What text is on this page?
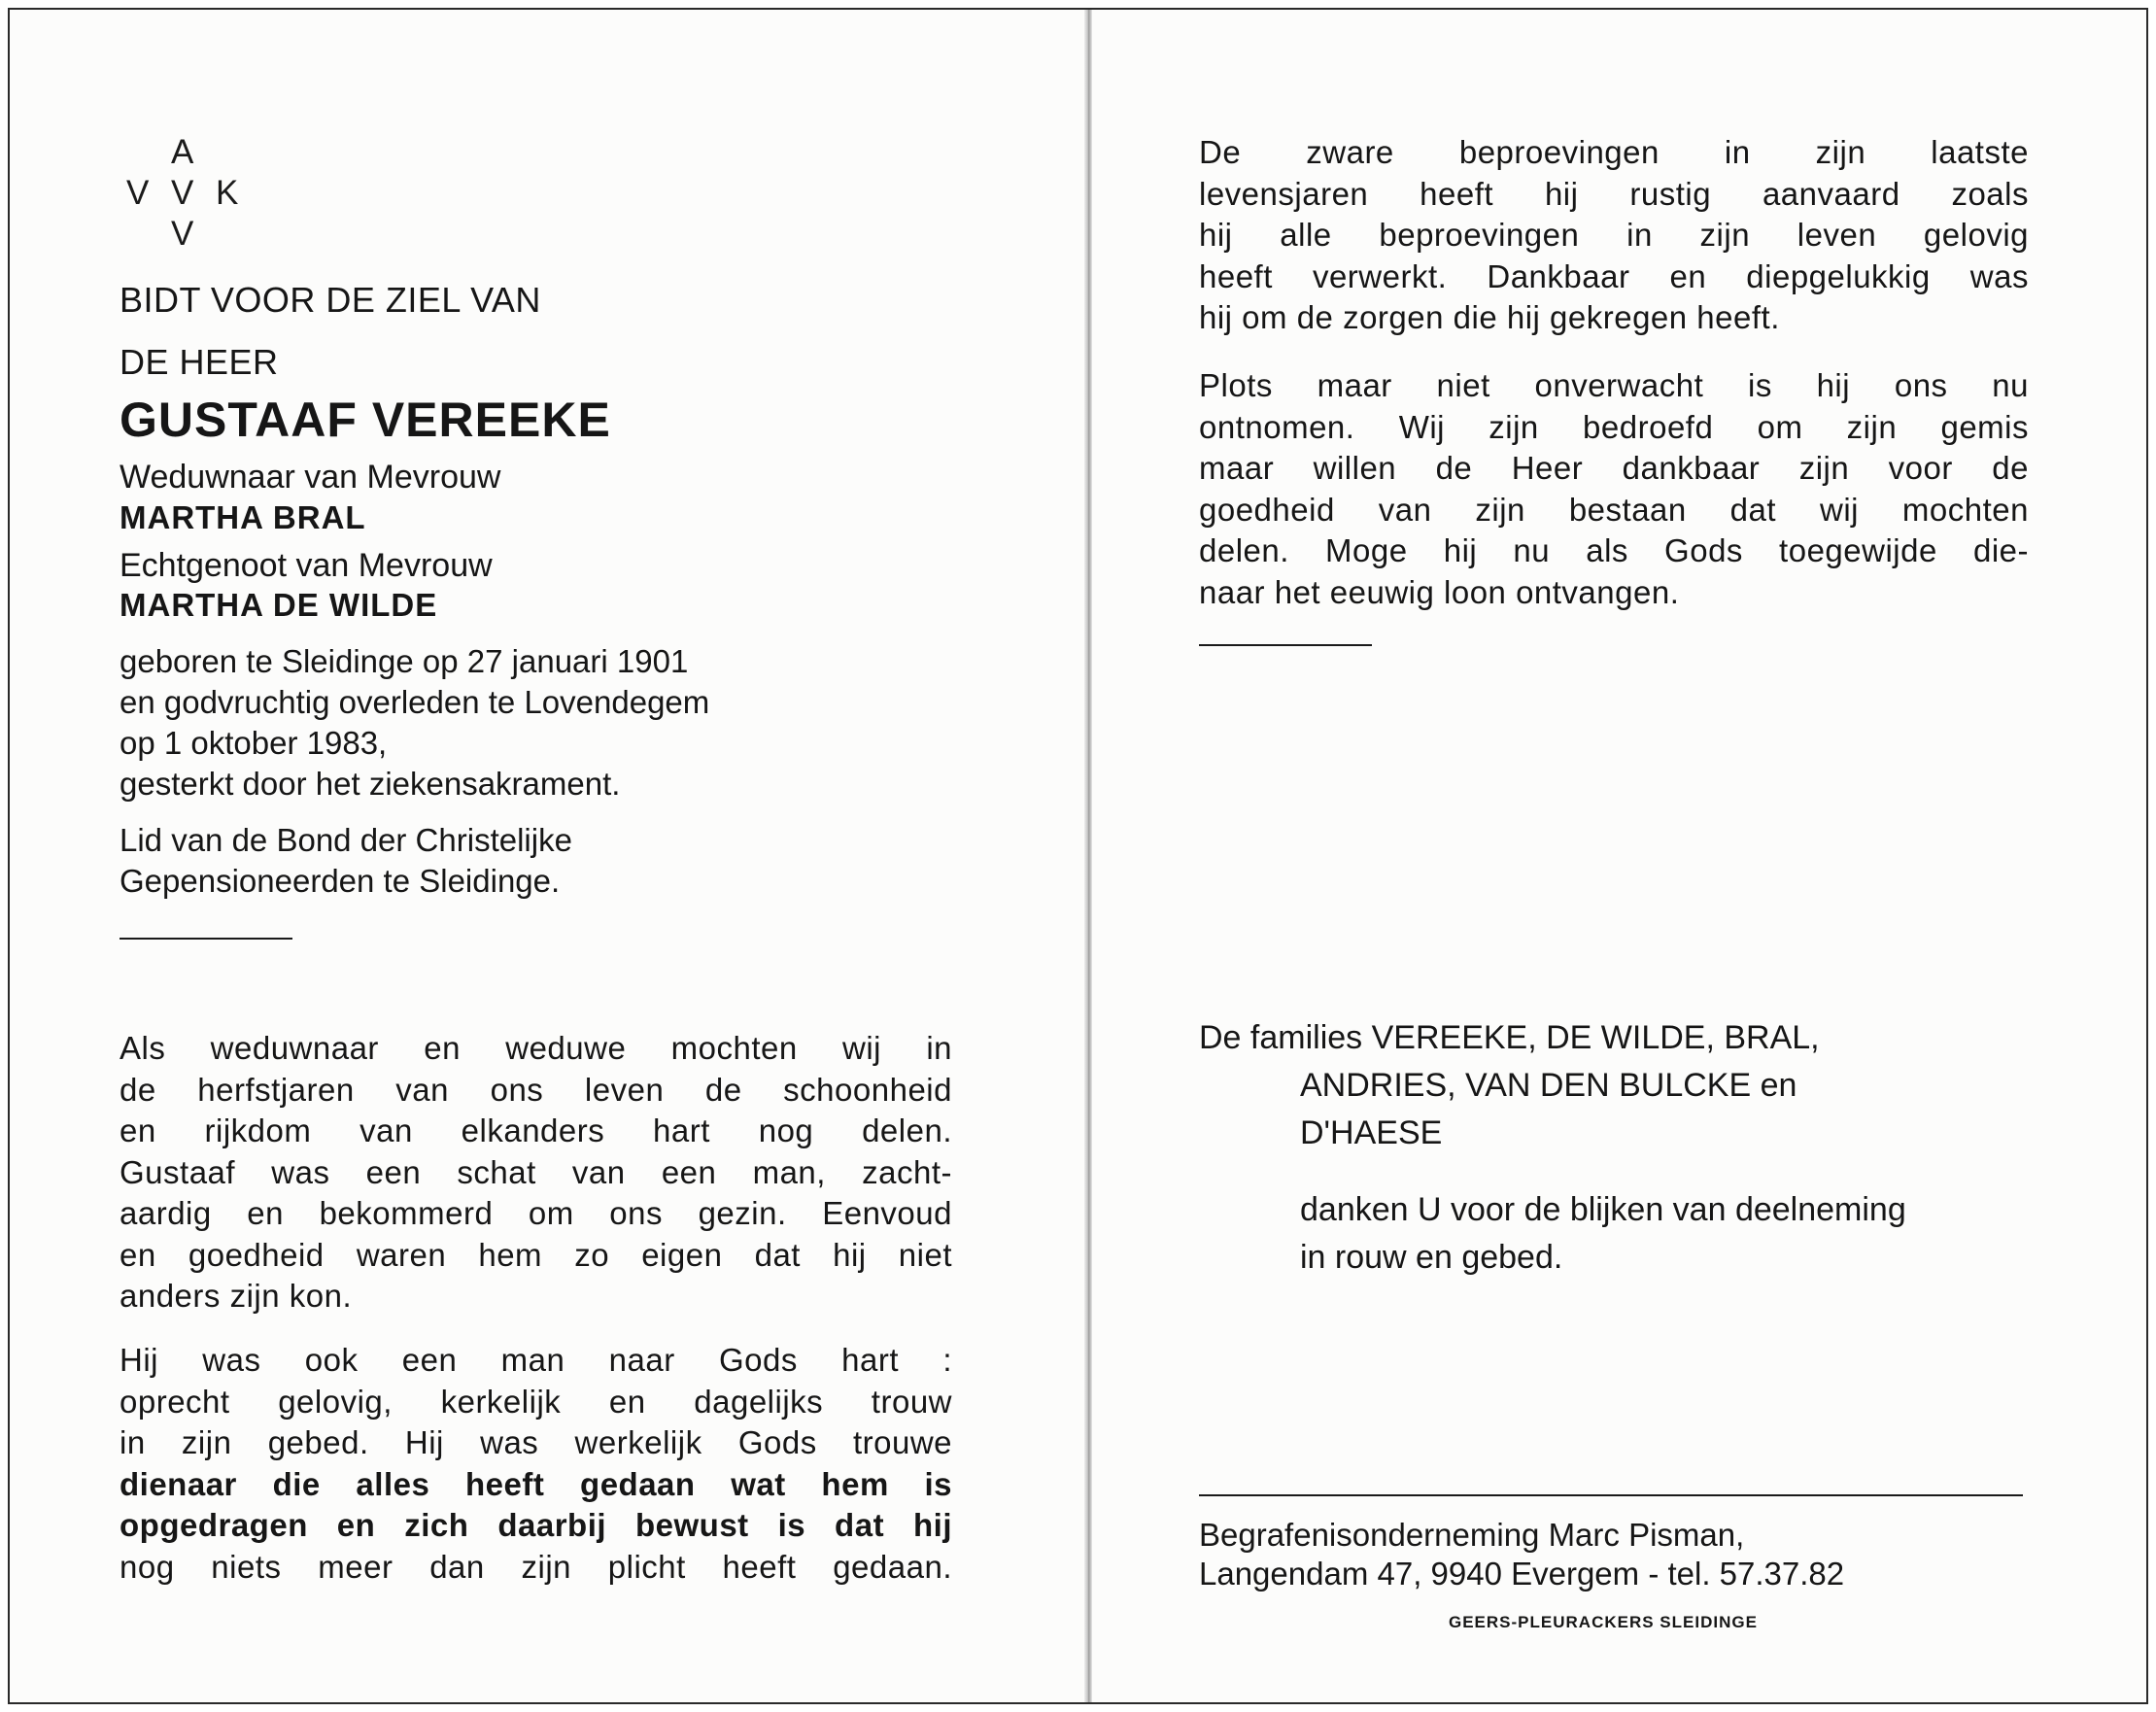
A
V V K
V
BIDT VOOR DE ZIEL VAN
DE HEER
GUSTAAF VEREEKE
Weduwnaar van Mevrouw
MARTHA BRAL
Echtgenoot van Mevrouw
MARTHA DE WILDE
geboren te Sleidinge op 27 januari 1901
en godvruchtig overleden te Lovendegem
op 1 oktober 1983,
gesterkt door het ziekensakrament.
Lid van de Bond der Christelijke
Gepensioneerden te Sleidinge.
Als weduwnaar en weduwe mochten wij in
de herfstjaren van ons leven de schoonheid
en rijkdom van elkanders hart nog delen.
Gustaaf was een schat van een man, zacht-
aardig en bekommerd om ons gezin. Eenvoud
en goedheid waren hem zo eigen dat hij niet
anders zijn kon.
Hij was ook een man naar Gods hart :
oprecht gelovig, kerkelijk en dagelijks trouw
in zijn gebed. Hij was werkelijk Gods trouwe
dienaar die alles heeft gedaan wat hem is
opgedragen en zich daarbij bewust is dat hij
nog niets meer dan zijn plicht heeft gedaan.
De zware beproevingen in zijn laatste
levensjaren heeft hij rustig aanvaard zoals
hij alle beproevingen in zijn leven gelovig
heeft verwerkt. Dankbaar en diepgelukkig was
hij om de zorgen die hij gekregen heeft.
Plots maar niet onverwacht is hij ons nu
ontnomen. Wij zijn bedroefd om zijn gemis
maar willen de Heer dankbaar zijn voor de
goedheid van zijn bestaan dat wij mochten
delen. Moge hij nu als Gods toegewijde die-
naar het eeuwig loon ontvangen.
De families VEREEKE, DE WILDE, BRAL,
ANDRIES, VAN DEN BULCKE en
D'HAESE
danken U voor de blijken van deelneming
in rouw en gebed.
Begrafenisonderneming Marc Pisman,
Langendam 47, 9940 Evergem - tel. 57.37.82
GEERS-PLEURACKERS SLEIDINGE
